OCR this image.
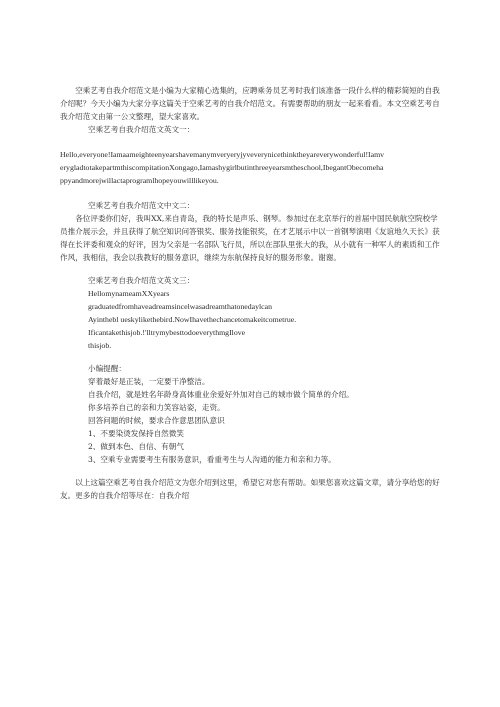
空乘艺考自我介绍范文是小编为大家精心选集的，应聘乘务员艺考时我们该准备一段什么样的精彩简短的自我介绍呢？今天小编为大家分享这篇关于空乘艺考的自我介绍范文。有需要帮助的朋友一起来看看。本文空乘艺考自我介绍范文由第一公文整理，望大家喜欢。

空乘艺考自我介绍范文英文一：

Hello,everyone!Iamaameighteenyearshavemanymveryeryjyveverynicethinktheyareverywonderful!Iamv
erygladtotakepartmthiscompitationXongago,Iamashygirlbutinthreeyearsmtheschool,IbegantObecomeha
ppyandmorejwillactaprogramlhopeyouwilllikeyou.

空乘艺考自我介绍范文中文二：

各位评委你们好，我叫XX,来自青岛，我的特长是声乐、钢琴。参加过在北京举行的首届中国民航航空院校学员推介展示会，并且获得了航空知识问答银奖、服务技能银奖，在才艺展示中以一首钢琴演唱《友谊地久天长》获得在长评委和观众的好评，因为父亲是一名部队飞行员，所以在部队里张大的我，从小就有一种军人的素质和工作作风，我相信，我会以我教好的服务意识，继续为东航保持良好的服务形象。谢谢。

空乘艺考自我介绍范文英文三：

HellomynameamXXyears
graduatedfromhaveadreamsincelwasadreamthatonedaylcan
Ayinthebl ueskylikethebird.NowIhavethechancetomakeitcometrue.
Ificantakethisjob.!'lltrymybesttodoeverythmgIlove
thisjob.

小编提醒：

穿着最好是正装，一定要干净整洁。
自我介绍，就是姓名年龄身高体重业余爱好外加对自己的城市做个简单的介绍。
你多培养自己的亲和力笑容站姿，走资。
回答问题的时候，要求合作意思团队意识
1、不要染烫发保持自然微笑
2、做到本色、自信、有朝气
3、空乘专业需要考生有服务意识，看重考生与人沟通的能力和亲和力等。

以上这篇空乘艺考自我介绍范文为您介绍到这里，希望它对您有帮助。如果您喜欢这篇文章，请分享给您的好友。更多的自我介绍等尽在：自我介绍
